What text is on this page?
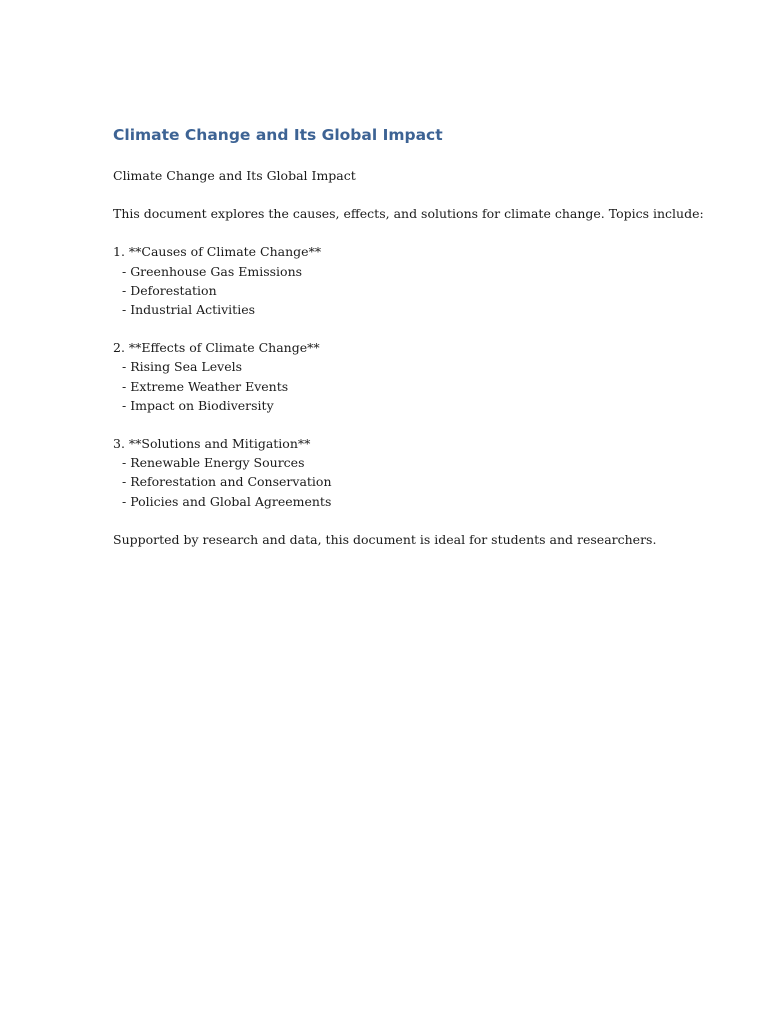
Climate Change and Its Global Impact
Climate Change and Its Global Impact
This document explores the causes, effects, and solutions for climate change. Topics include:
1. **Causes of Climate Change**
- Greenhouse Gas Emissions
- Deforestation
- Industrial Activities
2. **Effects of Climate Change**
- Rising Sea Levels
- Extreme Weather Events
- Impact on Biodiversity
3. **Solutions and Mitigation**
- Renewable Energy Sources
- Reforestation and Conservation
- Policies and Global Agreements
Supported by research and data, this document is ideal for students and researchers.
